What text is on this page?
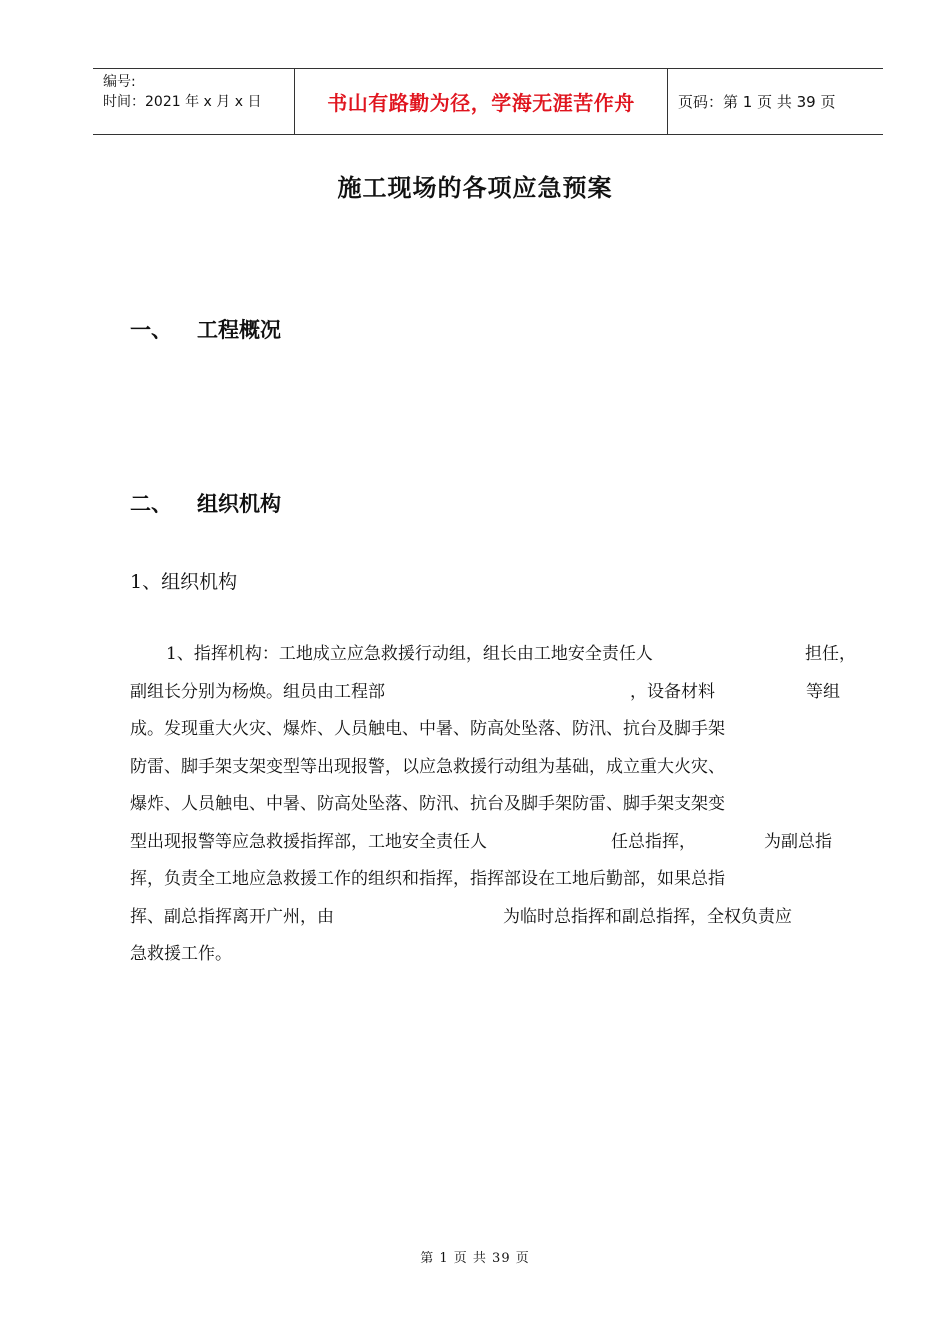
编号:
时间：2021 年 x 月 x 日	书山有路勤为径，学海无涯苦作舟	页码：第 1 页 共 39 页
施工现场的各项应急预案
一、 工程概况
二、 组织机构
1、组织机构
1、指挥机构：工地成立应急救援行动组，组长由工地安全责任人	担任，
副组长分别为杨焕。组员由工程部	，设备材料	等组
成。发现重大火灾、爆炸、人员触电、中暑、防高处坠落、防汛、抗台及脚手架
防雷、脚手架支架变型等出现报警，以应急救援行动组为基础，成立重大火灾、
爆炸、人员触电、中暑、防高处坠落、防汛、抗台及脚手架防雷、脚手架支架变
型出现报警等应急救援指挥部，工地安全责任人	任总指挥，	为副总指
挥，负责全工地应急救援工作的组织和指挥，指挥部设在工地后勤部，如果总指
挥、副总指挥离开广州，由	为临时总指挥和副总指挥，全权负责应
急救援工作。
第 1 页 共 39 页
